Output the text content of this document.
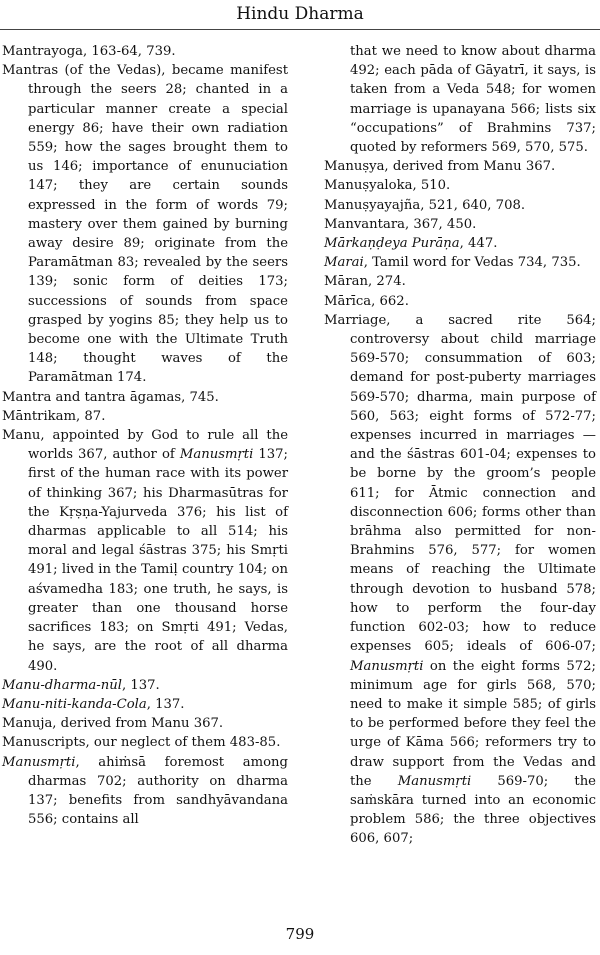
Hindu Dharma

Mantrayoga, 163-64, 739.

Mantras (of the Vedas), became manifest through the seers 28; chanted in a particular manner create a special energy 86; have their own radiation 559; how the sages brought them to us 146; importance of enunuciation 147; they are certain sounds expressed in the form of words 79; mastery over them gained by burning away desire 89; originate from the Paramātman 83; revealed by the seers 139; sonic form of deities 173; successions of sounds from space grasped by yogins 85; they help us to become one with the Ultimate Truth 148; thought waves of the Paramātman 174.

Mantra and tantra āgamas, 745.

Māntrikam, 87.

Manu, appointed by God to rule all the worlds 367, author of Manusmṛti 137; first of the human race with its power of thinking 367; his Dharmasūtras for the Kṛṣṇa-Yajurveda 376; his list of dharmas applicable to all 514; his moral and legal śāstras 375; his Smṛti 491; lived in the Tamiḷ country 104; on aśvamedha 183; one truth, he says, is greater than one thousand horse sacrifices 183; on Smṛti 491; Vedas, he says, are the root of all dharma 490.

Manu-dharma-nūl, 137.

Manu-niti-kanda-Cola, 137.

Manuja, derived from Manu 367.

Manuscripts, our neglect of them 483-85.

Manusmṛti, ahiṁsā foremost among dharmas 702; authority on dharma 137; benefits from sandhyāvandana 556; contains all

that we need to know about dharma 492; each pāda of Gāyatrī, it says, is taken from a Veda 548; for women marriage is upanayana 566; lists six “occupations” of Brahmins 737; quoted by reformers 569, 570, 575.

Manuṣya, derived from Manu 367.

Manuṣyaloka, 510.

Manuṣyayajña, 521, 640, 708.

Manvantara, 367, 450.

Mārkaṇḍeya Purāṇa, 447.

Marai, Tamil word for Vedas 734, 735.

Māran, 274.

Mārīca, 662.

Marriage, a sacred rite 564; controversy about child marriage 569-570; consummation of 603; demand for post-puberty marriages 569-570; dharma, main purpose of 560, 563; eight forms of 572-77; expenses incurred in marriages — and the śāstras 601-04; expenses to be borne by the groom’s people 611; for Ātmic connection and disconnection 606; forms other than brāhma also permitted for non-Brahmins 576, 577; for women means of reaching the Ultimate through devotion to husband 578; how to perform the four-day function 602-03; how to reduce expenses 605; ideals of 606-07; Manusmṛti on the eight forms 572; minimum age for girls 568, 570; need to make it simple 585; of girls to be performed before they feel the urge of Kāma 566; reformers try to draw support from the Vedas and the Manusmṛti 569-70; the saṁskāra turned into an economic problem 586; the three objectives 606, 607;

799
